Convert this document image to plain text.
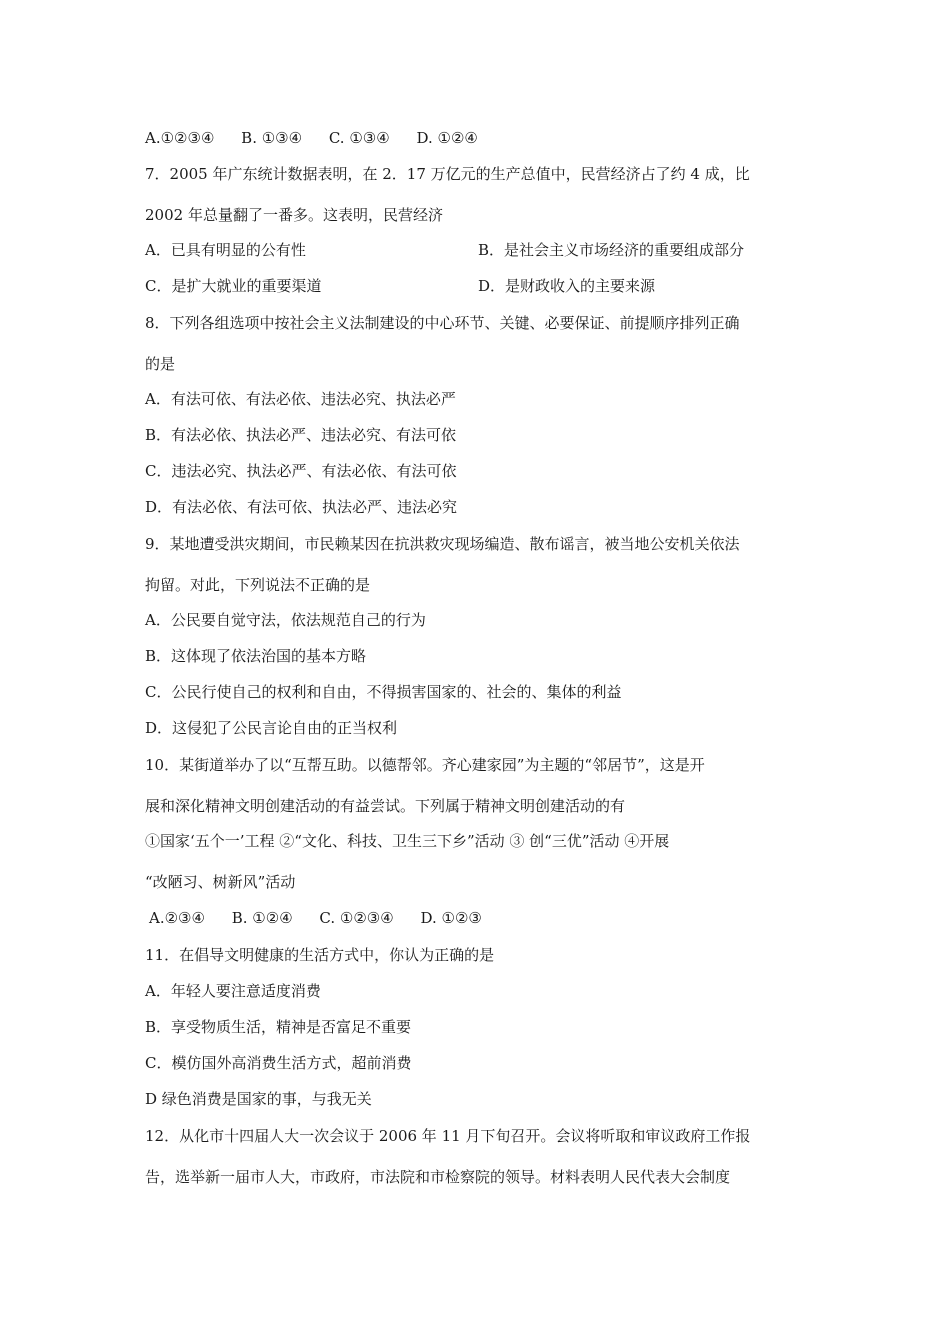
A.①②③④ B. ①③④ C. ①③④ D. ①②④
7．2005 年广东统计数据表明，在 2．17 万亿元的生产总值中，民营经济占了约 4 成，比
2002 年总量翻了一番多。这表明，民营经济
A．已具有明显的公有性	B．是社会主义市场经济的重要组成部分
C．是扩大就业的重要渠道	D．是财政收入的主要来源
8．下列各组选项中按社会主义法制建设的中心环节、关键、必要保证、前提顺序排列正确
的是
A．有法可依、有法必依、违法必究、执法必严
B．有法必依、执法必严、违法必究、有法可依
C．违法必究、执法必严、有法必依、有法可依
D．有法必依、有法可依、执法必严、违法必究
9．某地遭受洪灾期间，市民赖某因在抗洪救灾现场编造、散布谣言，被当地公安机关依法
拘留。对此，下列说法不正确的是
A．公民要自觉守法，依法规范自己的行为
B．这体现了依法治国的基本方略
C．公民行使自己的权利和自由，不得损害国家的、社会的、集体的利益
D．这侵犯了公民言论自由的正当权利
10．某街道举办了以“互帮互助。以德帮邻。齐心建家园”为主题的“邻居节”，这是开
展和深化精神文明创建活动的有益尝试。下列属于精神文明创建活动的有
①国家‘五个一’工程 ②“文化、科技、卫生三下乡”活动 ③ 创“三优”活动 ④开展
“改陋习、树新风”活动
A.②③④ B. ①②④ C. ①②③④ D. ①②③
11．在倡导文明健康的生活方式中，你认为正确的是
A．年轻人要注意适度消费
B．享受物质生活，精神是否富足不重要
C．模仿国外高消费生活方式，超前消费
D 绿色消费是国家的事，与我无关
12．从化市十四届人大一次会议于 2006 年 11 月下旬召开。会议将听取和审议政府工作报
告，选举新一届市人大，市政府，市法院和市检察院的领导。材料表明人民代表大会制度
